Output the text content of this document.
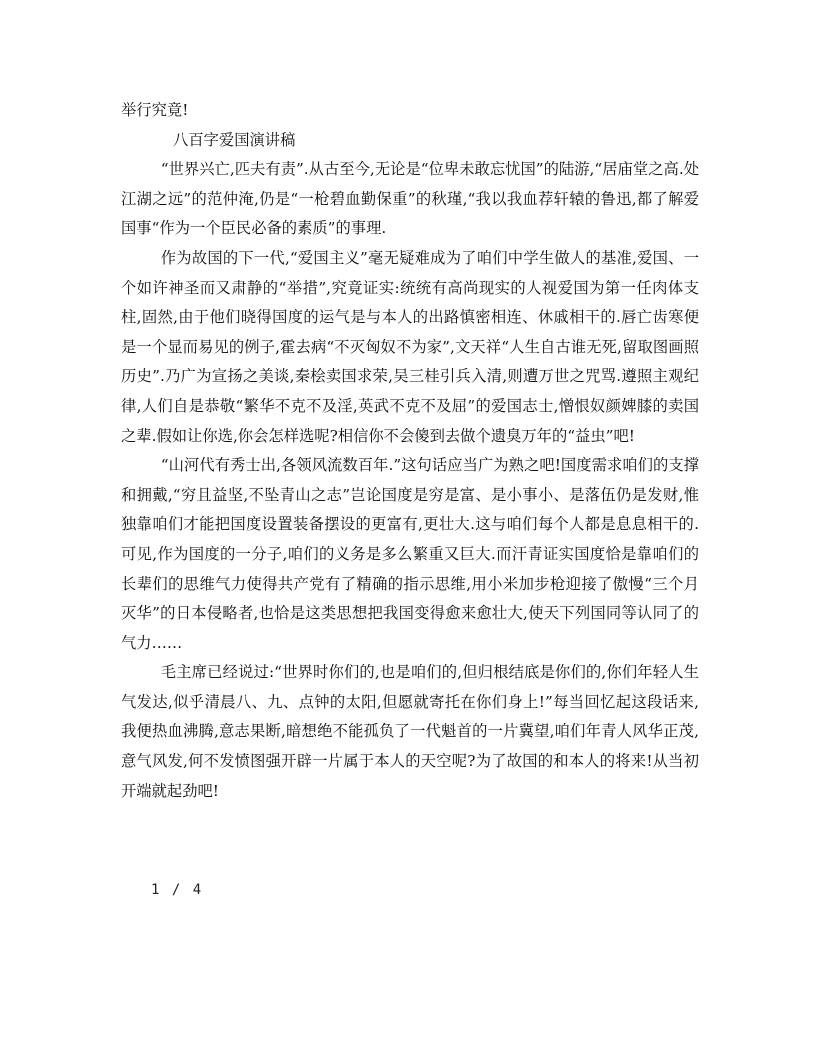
举行究竟!

八百字爱国演讲稿

“世界兴亡,匹夫有责”.从古至今,无论是“位卑未敢忘忧国”的陆游,“居庙堂之高.处江湖之远”的范仲淹,仍是“一枪碧血勤保重”的秋瑾,“我以我血荐轩辕的鲁迅,都了解爱国事“作为一个臣民必备的素质”的事理.

作为故国的下一代,“爱国主义”毫无疑难成为了咱们中学生做人的基准,爱国、一个如许神圣而又肃静的“举措”,究竟证实:统统有高尚现实的人视爱国为第一任肉体支柱,固然,由于他们晓得国度的运气是与本人的出路慎密相连、休戚相干的.唇亡齿寒便是一个显而易见的例子,霍去病“不灭匈奴不为家”,文天祥“人生自古谁无死,留取图画照历史”.乃广为宣扬之美谈,秦桧卖国求荣,吴三桂引兵入清,则遭万世之咒骂.遵照主观纪律,人们自是恭敬“繁华不克不及淫,英武不克不及屈”的爱国志士,憎恨奴颜婢膝的卖国之辈.假如让你选,你会怎样选呢?相信你不会傻到去做个遗臭万年的“益虫”吧!

“山河代有秀士出,各领风流数百年.”这句话应当广为熟之吧!国度需求咱们的支撑和拥戴,“穷且益坚,不坠青山之志”岂论国度是穷是富、是小事小、是落伍仍是发财,惟独靠咱们才能把国度设置装备摆设的更富有,更壮大.这与咱们每个人都是息息相干的.可见,作为国度的一分子,咱们的义务是多么繁重又巨大.而汗青证实国度恰是靠咱们的长辈们的思维气力使得共产党有了精确的指示思维,用小米加步枪迎接了傲慢“三个月灭华”的日本侵略者,也恰是这类思想把我国变得愈来愈壮大,使天下列国同等认同了的气力……

毛主席已经说过:“世界时你们的,也是咱们的,但归根结底是你们的,你们年轻人生气发达,似乎清晨八、九、点钟的太阳,但愿就寄托在你们身上!”每当回忆起这段话来,我便热血沸腾,意志果断,暗想绝不能孤负了一代魁首的一片冀望,咱们年青人风华正茂,意气风发,何不发愤图强开辟一片属于本人的天空呢?为了故国的和本人的将来!从当初开端就起劲吧!

1 / 4
